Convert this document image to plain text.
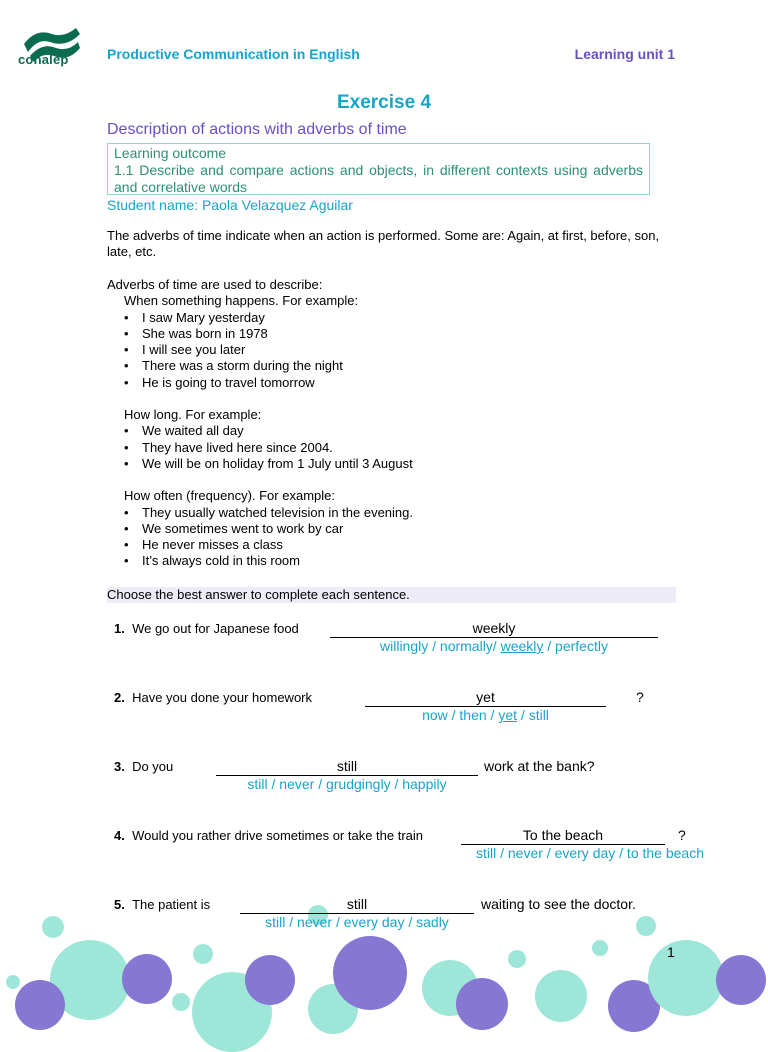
conalep	Productive Communication in English	Learning unit 1
Exercise 4
Description of actions with adverbs of time
Learning outcome
1.1 Describe and compare actions and objects, in different contexts using adverbs and correlative words
Student name: Paola Velazquez Aguilar
The adverbs of time indicate when an action is performed. Some are: Again, at first, before, son, late, etc.
Adverbs of time are used to describe:
When something happens. For example:
• I saw Mary yesterday
• She was born in 1978
• I will see you later
• There was a storm during the night
• He is going to travel tomorrow
How long. For example:
• We waited all day
• They have lived here since 2004.
• We will be on holiday from 1 July until 3 August
How often (frequency). For example:
• They usually watched television in the evening.
• We sometimes went to work by car
• He never misses a class
• It’s always cold in this room
Choose the best answer to complete each sentence.
1. We go out for Japanese food	weekly
willingly / normally/ weekly / perfectly
2. Have you done your homework	yet	?
now / then / yet / still
3. Do you	still	work at the bank?
still / never / grudgingly / happily
4. Would you rather drive sometimes or take the train	To the beach	?
still / never / every day / to the beach
5. The patient is	still	waiting to see the doctor.
still / never / every day / sadly
1
